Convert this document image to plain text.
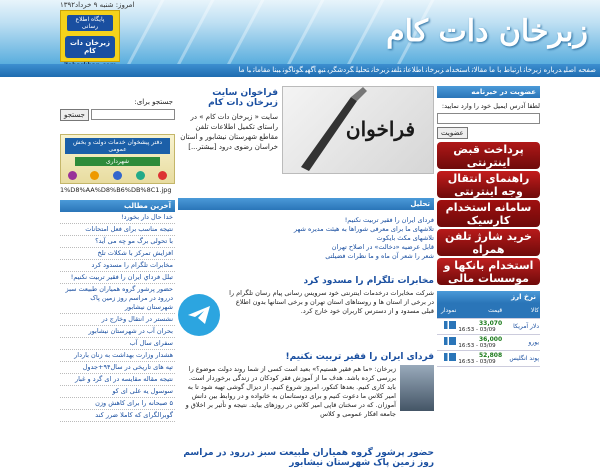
زبرخان دات کام
امروز: شنبه ۹ خرداد۱۳۹۲
پایگاه اطلاع رسانی
زبرخان دات کام
صفحه اصلیدرباره زبرخانارتباط با مامقالاتاستخدامزبرخاناطلاعاتتلفنزبرخانتحلیلگردشگریتبهآگهیگوناگونببنامقاماتبا ما
جستجو برای:
جستجو
دفتر پیشخوان خدمات دولت و بخش عمومی
شهرداری
1%D8%AA%D8%B6%DB%8C1.jpg
آخرین مطالب
خدا حال دار بخورد!
نتیجه مناسب برای فعل امتحانات
با تحولی برگ مو چه می آید؟
افزایش تمرکز با شکلات تلخ
مخابرات تلگرام را مسدود کرد
تبلل فرداي ایران را فقیر تربیت نکنیم!
حضور پرشور گروه همیاران طبیعت سبز دررود در مراسم روز زمین پاک شهرستان نیشابور
نشستر در انتقال وخارج در
بحران آب در شهرستان نیشابور
سفرای سال آب
هشدار وزارت بهداشت به زنان باردار
تپه های تاریخی در سال۹۴+جدول
نتیجه مقاله مقایسه در ای گرد و غبار
سوسول یه علی ای کو
۵ صبحانه را برای کاهش وزن
گوبرالگرای که کاملا ضرر کند
فراخوان
فراخوان سایت زبرخان دات کام
سایت « زبرخان دات کام » در راستای تکمیل اطلاعات تلفن مقاطع شهرستان نیشابور و استان خراسان رضوی درود [بیشتر...]
تحلیل
فردای ایران را فقیر تربیت نکنیم!
تلاشهای ما برای معرفی شوراها به هیئت مدیره شهر
تلاشهای مکث بایکوت
قابل عرضیه «دخالت» در اصلاح تهران
شعر را شعر آن ماه و ما نظرات فضیلتی
مخابرات تلگرام را مسدود کرد
شرکت مخابرات درخدمات اینترنتی خود سرویس رسانی پیام رسان تلگرام را در برخی از استان ها و روستاهای استان تهران و برخی استانها بدون اطلاع قبلی مسدود و از دسترس کاربران خود خارج کرد.
فردای ایران را فقیر تربیت نکنیم!
زبرخان: «ما هم فقیر هستیم؟» بعید است کسی از شما روند دولت موضوع را بررسی کرده باشد. هدف ما از آموزش فقر کودکان در زندگی برخوردار است. باید کاری کنیم. بعدها کنکور، امروز شروع کنیم. از دیزال گوشی تهیه شود تا به امیر کلاس ما دعوت کنیم و برای دوستانمان به خانواده و در روابط بین دانش آموزان. که در سخنان قاپی امیر کلاس در روزهای بیاید. نتیجه و تأثیر بر اخلاق و جامعه افکار عمومی و کلاس
حضور پرشور گروه همیاران طبیعت سبز دررود در مراسم روز زمین پاک شهرستان نیشابور
عضویت در خبرنامه
لطفا آدرس ایمیل خود را وارد نمایید:
عضویت
پرداخت قبض اینترنتی
راهنمای انتقال وجه اینترنتی
سامانه استخدام کارسیک
خرید شارژ تلفن همراه
استخدام بانکها و موسسات مالی
نرخ ارز
کالا	قیمت	نمودار
دلار آمریکا	33,070
16:53 - 03/09	

یورو	36,000
16:53 - 03/09	

پوند انگلیس	52,808
16:53 - 03/09	
